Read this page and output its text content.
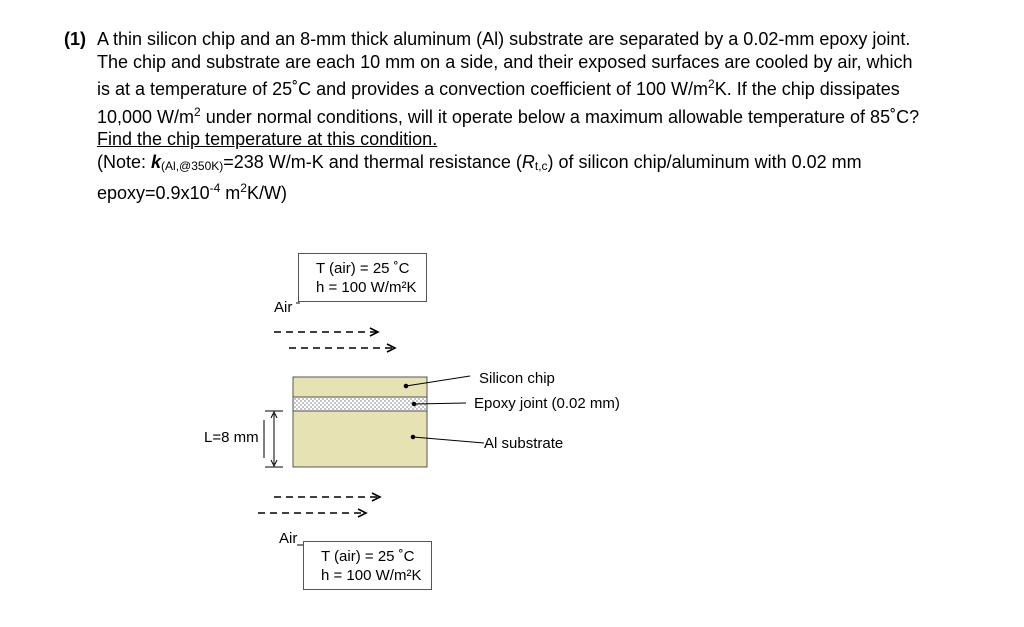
(1) A thin silicon chip and an 8-mm thick aluminum (Al) substrate are separated by a 0.02-mm epoxy joint.

The chip and substrate are each 10 mm on a side, and their exposed surfaces are cooled by air, which

is at a temperature of 25˚C and provides a convection coefficient of 100 $W/m^2K$. If the chip dissipates

10,000 $W/m^2$ under normal conditions, will it operate below a maximum allowable temperature of 85˚C?

Find the chip temperature at this condition.

(Note: k(Al,@350K)=238 W/m-K and thermal resistance (Rt,c) of silicon chip/aluminum with 0.02 mm

$epoxy=0.9x10^{-4}$ $m^2K/W$)

T (air) = 25 ˚C
h = 100 W/m²K
T (air) = 25 ˚C
h = 100 W/m²K
Air
Air
L=8 mm
Silicon chip
Epoxy joint (0.02 mm)
Al substrate
